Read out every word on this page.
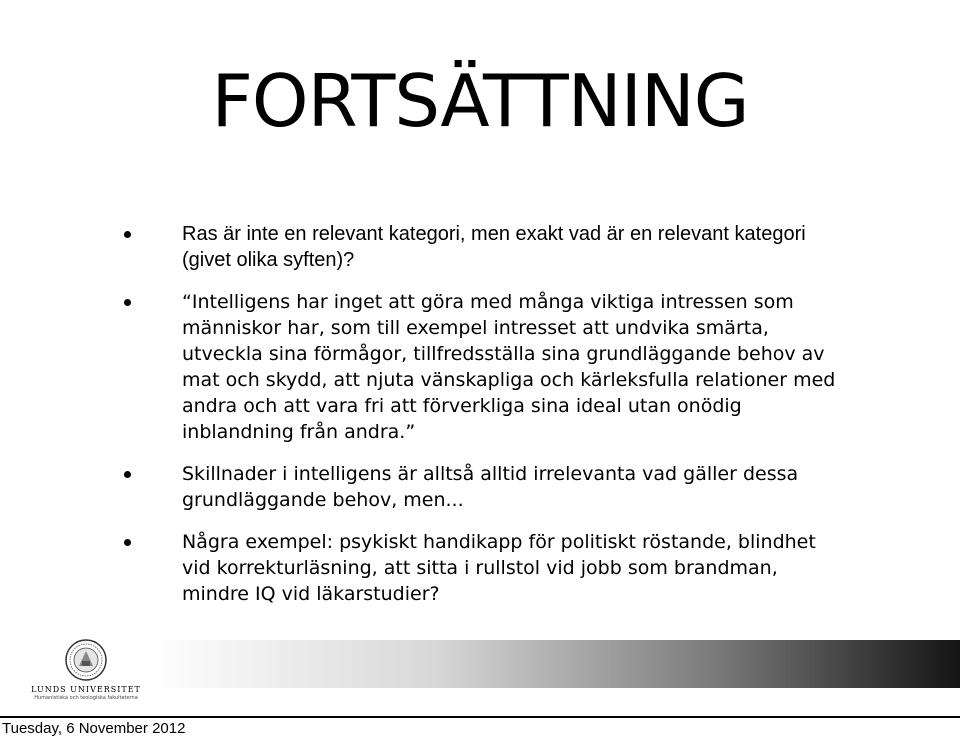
FORTSÄTTNING
Ras är inte en relevant kategori, men exakt vad är en relevant kategori (givet olika syften)?
“Intelligens har inget att göra med många viktiga intressen som människor har, som till exempel intresset att undvika smärta, utveckla sina förmågor, tillfredsställa sina grundläggande behov av mat och skydd, att njuta vänskapliga och kärleksfulla relationer med andra och att vara fri att förverkliga sina ideal utan onödig inblandning från andra.”
Skillnader i intelligens är alltså alltid irrelevanta vad gäller dessa grundläggande behov, men...
Några exempel: psykiskt handikapp för politiskt röstande, blindhet vid korrekturläsning, att sitta i rullstol vid jobb som brandman, mindre IQ vid läkarstudier?
LUNDS UNIVERSITET
Humanistiska och teologiska fakulteterna
Tuesday, 6 November 2012
